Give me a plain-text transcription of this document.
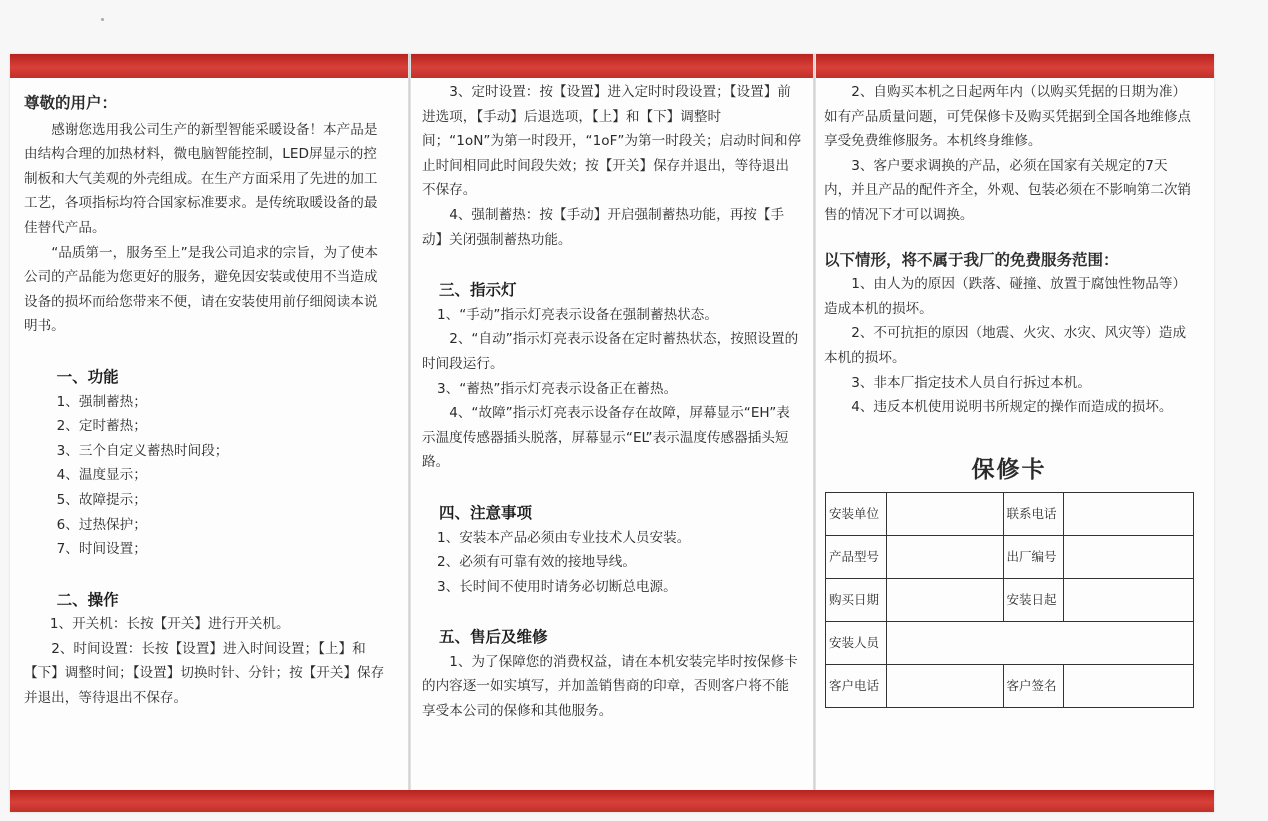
尊敬的用户：

感谢您选用我公司生产的新型智能采暖设备！本产品是由结构合理的加热材料，微电脑智能控制，LED屏显示的控制板和大气美观的外壳组成。在生产方面采用了先进的加工工艺，各项指标均符合国家标准要求。是传统取暖设备的最佳替代产品。

“品质第一，服务至上”是我公司追求的宗旨，为了使本公司的产品能为您更好的服务，避免因安装或使用不当造成设备的损坏而给您带来不便，请在安装使用前仔细阅读本说明书。

一、功能

1、强制蓄热；

2、定时蓄热；

3、三个自定义蓄热时间段；

4、温度显示；

5、故障提示；

6、过热保护；

7、时间设置；

二、操作

1、开关机：长按【开关】进行开关机。

2、时间设置：长按【设置】进入时间设置；【上】和【下】调整时间；【设置】切换时针、分针；按【开关】保存并退出，等待退出不保存。

3、定时设置：按【设置】进入定时时段设置；【设置】前进选项，【手动】后退选项，【上】和【下】调整时间；“1oN”为第一时段开，“1oF”为第一时段关；启动时间和停止时间相同此时间段失效；按【开关】保存并退出，等待退出不保存。

4、强制蓄热：按【手动】开启强制蓄热功能，再按【手动】关闭强制蓄热功能。

三、指示灯

1、“手动”指示灯亮表示设备在强制蓄热状态。

2、“自动”指示灯亮表示设备在定时蓄热状态，按照设置的时间段运行。

3、“蓄热”指示灯亮表示设备正在蓄热。

4、“故障”指示灯亮表示设备存在故障，屏幕显示“EH”表示温度传感器插头脱落，屏幕显示“EL”表示温度传感器插头短路。

四、注意事项

1、安装本产品必须由专业技术人员安装。

2、必须有可靠有效的接地导线。

3、长时间不使用时请务必切断总电源。

五、售后及维修

1、为了保障您的消费权益，请在本机安装完毕时按保修卡的内容逐一如实填写，并加盖销售商的印章，否则客户将不能享受本公司的保修和其他服务。

2、自购买本机之日起两年内（以购买凭据的日期为准）如有产品质量问题，可凭保修卡及购买凭据到全国各地维修点享受免费维修服务。本机终身维修。

3、客户要求调换的产品，必须在国家有关规定的7天内，并且产品的配件齐全，外观、包装必须在不影响第二次销售的情况下才可以调换。

以下情形，将不属于我厂的免费服务范围：

1、由人为的原因（跌落、碰撞、放置于腐蚀性物品等）造成本机的损坏。

2、不可抗拒的原因（地震、火灾、水灾、风灾等）造成本机的损坏。

3、非本厂指定技术人员自行拆过本机。

4、违反本机使用说明书所规定的操作而造成的损坏。

保修卡
安装单位		联系电话	
产品型号		出厂编号	
购买日期		安装日起	
安装人员			
客户电话		客户签名	
